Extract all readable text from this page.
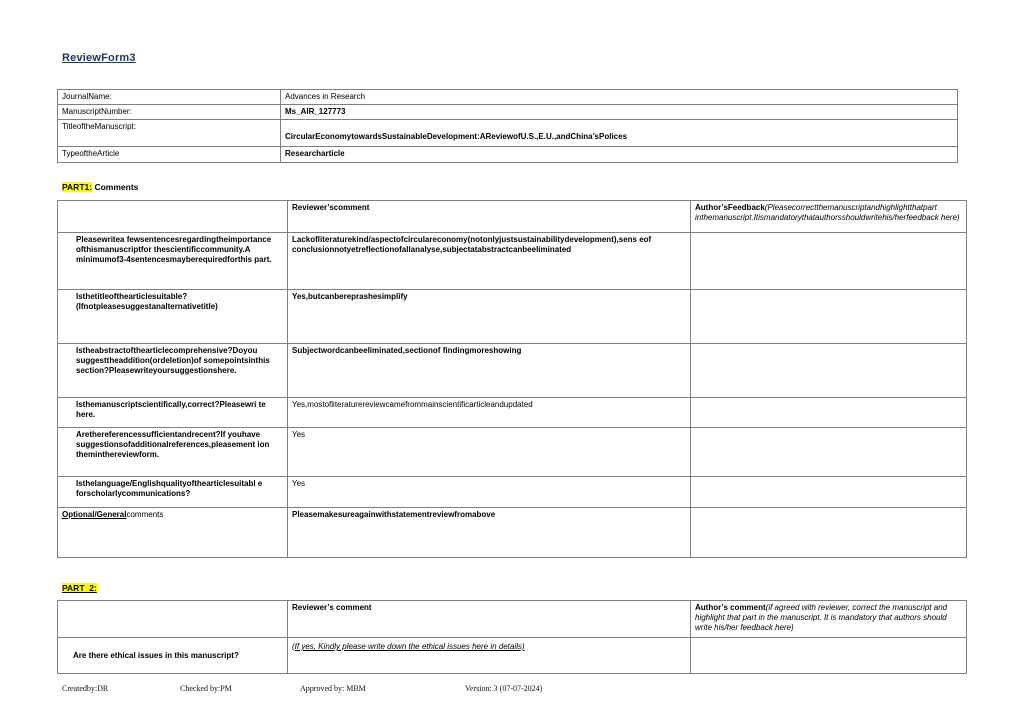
ReviewForm3
JournalName:	Advances in Research
ManuscriptNumber:	Ms_AIR_127773
TitleoftheManuscript:	CircularEconomytowardsSustainableDevelopment:AReviewofU.S.,E.U.,andChina’sPolices
TypeoftheArticle	Researcharticle
PART1: Comments
	Reviewer’scomment	Author’sFeedback(Pleasecorrectthemanuscriptandhighlightthatpart inthemanuscript.Itismandatorythatauthorsshouldwritehis/herfeedback here)
Pleasewritea fewsentencesregardingtheimportance ofthismanuscriptfor thescientificcommunity.A minimumof3-4sentencesmayberequiredforthis part.	Lackofliteraturekind/aspectofcirculareconomy(notonlyjustsustainabilitydevelopment),sens eof conclusionnotyetreflectionofallanalyse,subjectatabstractcanbeeliminated	
Isthetitleofthearticlesuitable? (Ifnotpleasesuggestanalternativetitle)	Yes,butcanbereprashesimplify	
Istheabstractofthearticlecomprehensive?Doyou suggesttheaddition(ordeletion)of somepointsinthis section?Pleasewriteyoursuggestionshere.	Subjectwordcanbeeliminated,sectionof findingmoreshowing	
Isthemanuscriptscientifically,correct?Pleasewri te here.	Yes,mostofliteraturereviewcamefrommainscientificarticleandupdated	
Arethereferencessufficientandrecent?If youhave suggestionsofadditionalreferences,pleasement ion theminthereviewform.	Yes	
Isthelanguage/Englishqualityofthearticlesuitabl e forscholarlycommunications?	Yes	
Optional/Generalcomments	Pleasemakesureagainwithstatementreviewfromabove	
PART  2:
	Reviewer’s comment	Author’s comment(if agreed with reviewer, correct the manuscript and highlight that part in the manuscript. It is mandatory that authors should write his/her feedback here)
Are there ethical issues in this manuscript?	(If yes, Kindly please write down the ethical issues here in details)	
Createdby:DR	Checked by:PM	Approved by: MBM	Version: 3 (07-07-2024)
